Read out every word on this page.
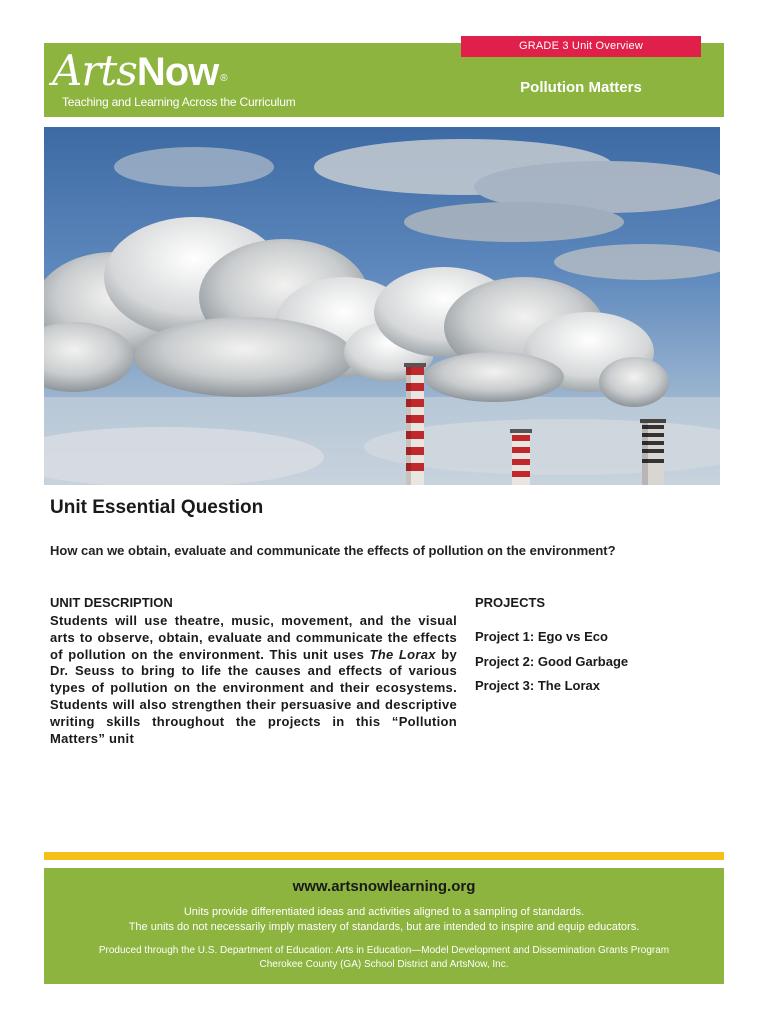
GRADE 3 Unit Overview
ArtsNow ®
Teaching and Learning Across the Curriculum
Pollution Matters
Unit Essential Question
How can we obtain, evaluate and communicate the effects of pollution on the environment?
UNIT DESCRIPTION
Students will use theatre, music, movement, and the visual arts to observe, obtain, evaluate and communicate the effects of pollution on the environment. This unit uses The Lorax by Dr. Seuss to bring to life the causes and effects of various types of pollution on the environment and their ecosystems. Students will also strengthen their persuasive and descriptive writing skills throughout the projects in this “Pollution Matters” unit
PROJECTS
Project 1: Ego vs Eco
Project 2: Good Garbage
Project 3: The Lorax
www.artsnowlearning.org
Units provide differentiated ideas and activities aligned to a sampling of standards.
The units do not necessarily imply mastery of standards, but are intended to inspire and equip educators.
Produced through the U.S. Department of Education: Arts in Education—Model Development and Dissemination Grants Program
Cherokee County (GA) School District and ArtsNow, Inc.
